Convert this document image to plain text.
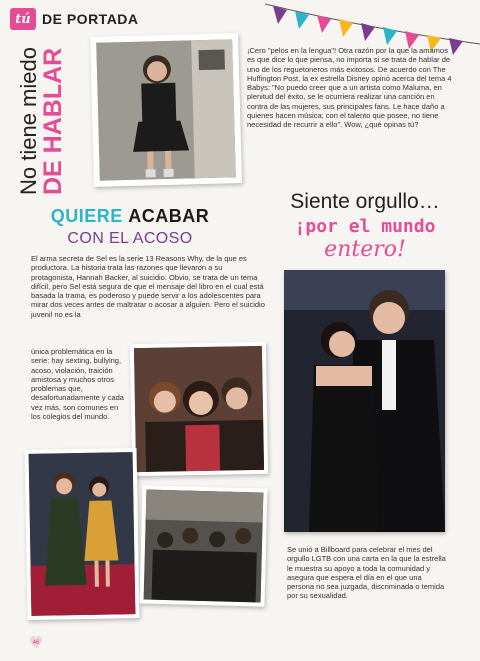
tú DE PORTADA
No tiene miedo
DE HABLAR	¡Cero "pelos en la lengua"! Otra razón por la que la amamos es que dice lo que piensa, no importa si se trata de hablar de uno de los reguetoneros más exitosos. De acuerdo con The Huffington Post, la ex estrella Disney opinó acerca del tema 4 Babys: "No puedo creer que a un artista como Maluma, en plenitud del éxito, se le ocurriera realizar una canción en contra de las mujeres, sus principales fans. Le hace daño a quienes hacen música; con el talento que posee, no tiene necesidad de recurrir a ello". Wow, ¿qué opinas tú?
Siente orgullo…
¡por el mundo
entero!
QUIERE ACABAR
CON EL ACOSO
El arma secreta de Sel es la serie 13 Reasons Why, de la que es productora. La historia trata las razones que llevaron a su protagonista, Hannah Backer, al suicidio. Obvio, se trata de un tema difícil, pero Sel está segura de que el mensaje del libro en el cual está basada la trama, es poderoso y puede servir a los adolescentes para mirar dos veces antes de maltratar o acosar a alguien. Pero el suicidio juvenil no es la
única problemática en la serie: hay sexting, bullying, acoso, violación, traición amistosa y muchos otros problemas que, desafortunadamente y cada vez más, son comunes en los colegios del mundo.
Se unió a Billboard para celebrar el mes del orgullo LGTB con una carta en la que la estrella le muestra su apoyo a toda la comunidad y asegura que espera el día en el que una persona no sea juzgada, discriminada o temida por su sexualidad.
46
